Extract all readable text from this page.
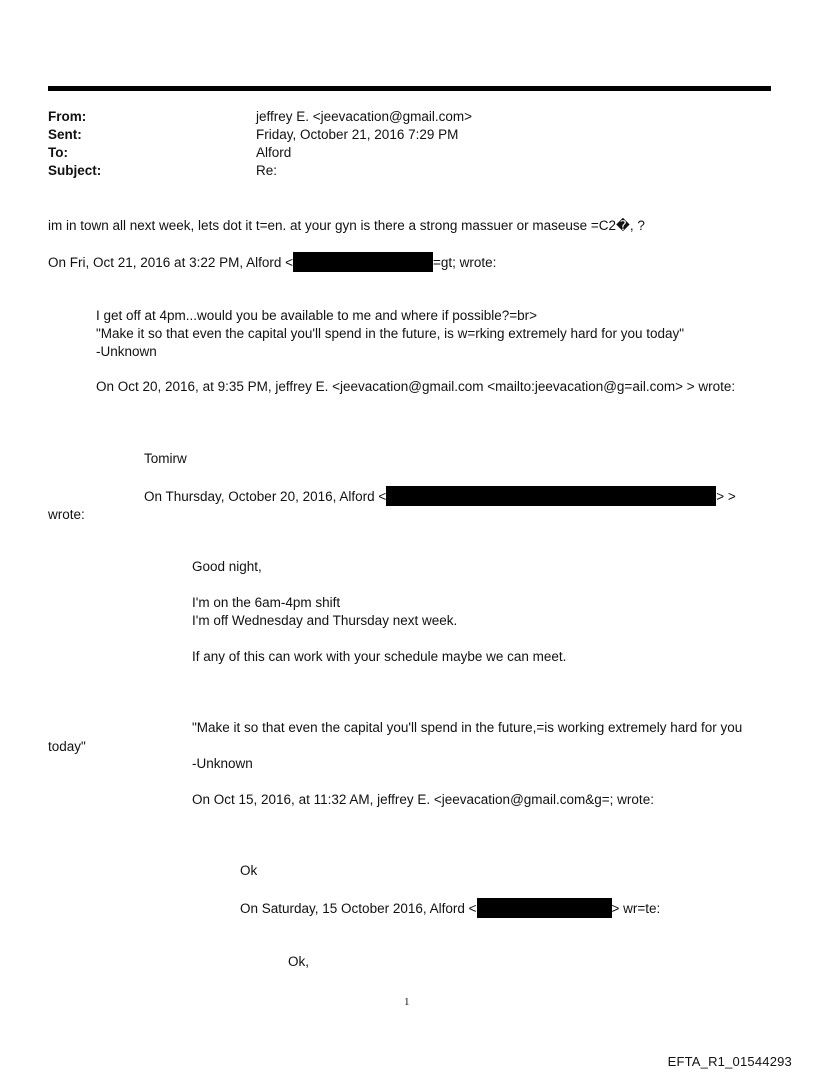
From:	jeffrey E. <jeevacation@gmail.com>
Sent:	Friday, October 21, 2016 7:29 PM
To:	Alford
Subject:	Re:
im in town all next week, lets dot it t=en. at your gyn is there a strong massuer or maseuse =C2�, ?
On Fri, Oct 21, 2016 at 3:22 PM, Alford <	=gt; wrote:
I get off at 4pm...would you be available to me and where if possible?=br>
"Make it so that even the capital you'll spend in the future, is w=rking extremely hard for you today"
-Unknown
On Oct 20, 2016, at 9:35 PM, jeffrey E. <jeevacation@gmail.com <mailto:jeevacation@g=ail.com> > wrote:
Tomirw
On Thursday, October 20, 2016, Alford <	> >
wrote:
Good night,
I'm on the 6am-4pm shift
I'm off Wednesday and Thursday next week.
If any of this can work with your schedule maybe we can meet.
"Make it so that even the capital you'll spend in the future,=is working extremely hard for you
today"
-Unknown
On Oct 15, 2016, at 11:32 AM, jeffrey E. <jeevacation@gmail.com&g=; wrote:
Ok
On Saturday, 15 October 2016, Alford <	> wr=te:
Ok,
1
EFTA_R1_01544293
